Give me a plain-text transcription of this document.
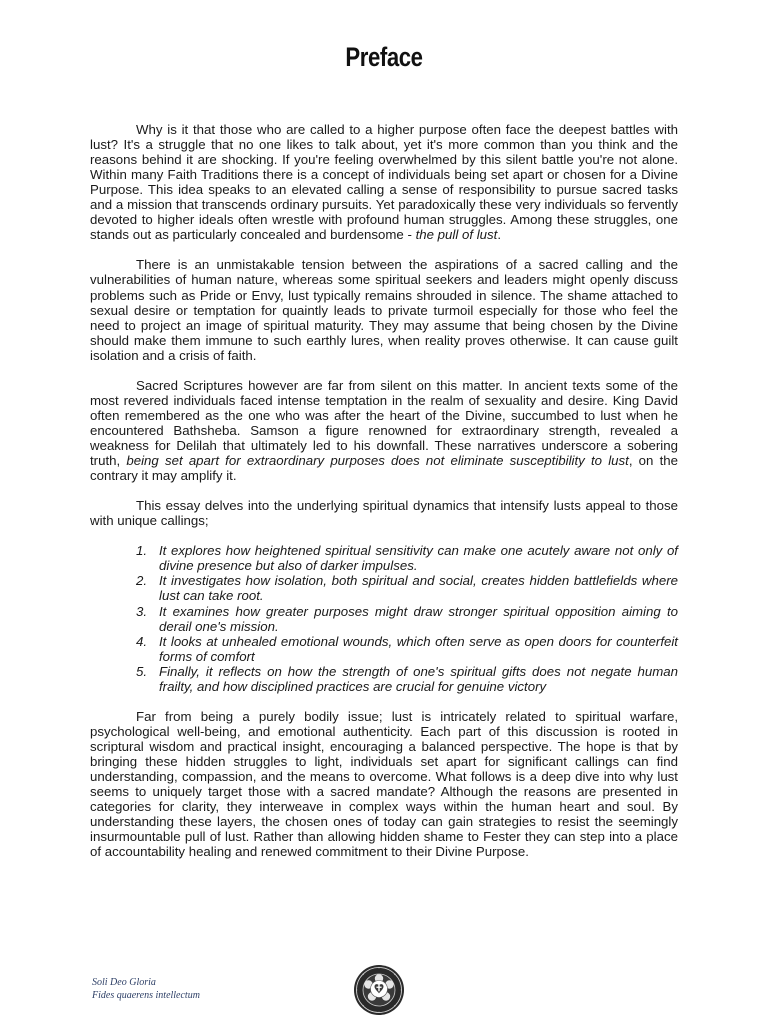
Preface

Why is it that those who are called to a higher purpose often face the deepest battles with lust? It's a struggle that no one likes to talk about, yet it's more common than you think and the reasons behind it are shocking. If you're feeling overwhelmed by this silent battle you're not alone. Within many Faith Traditions there is a concept of individuals being set apart or chosen for a Divine Purpose. This idea speaks to an elevated calling a sense of responsibility to pursue sacred tasks and a mission that transcends ordinary pursuits. Yet paradoxically these very individuals so fervently devoted to higher ideals often wrestle with profound human struggles. Among these struggles, one stands out as particularly concealed and burdensome - the pull of lust.

There is an unmistakable tension between the aspirations of a sacred calling and the vulnerabilities of human nature, whereas some spiritual seekers and leaders might openly discuss problems such as Pride or Envy, lust typically remains shrouded in silence. The shame attached to sexual desire or temptation for quaintly leads to private turmoil especially for those who feel the need to project an image of spiritual maturity. They may assume that being chosen by the Divine should make them immune to such earthly lures, when reality proves otherwise. It can cause guilt isolation and a crisis of faith.

Sacred Scriptures however are far from silent on this matter. In ancient texts some of the most revered individuals faced intense temptation in the realm of sexuality and desire. King David often remembered as the one who was after the heart of the Divine, succumbed to lust when he encountered Bathsheba. Samson a figure renowned for extraordinary strength, revealed a weakness for Delilah that ultimately led to his downfall. These narratives underscore a sobering truth, being set apart for extraordinary purposes does not eliminate susceptibility to lust, on the contrary it may amplify it.

This essay delves into the underlying spiritual dynamics that intensify lusts appeal to those with unique callings;

1. It explores how heightened spiritual sensitivity can make one acutely aware not only of divine presence but also of darker impulses.
2. It investigates how isolation, both spiritual and social, creates hidden battlefields where lust can take root.
3. It examines how greater purposes might draw stronger spiritual opposition aiming to derail one's mission.
4. It looks at unhealed emotional wounds, which often serve as open doors for counterfeit forms of comfort
5. Finally, it reflects on how the strength of one's spiritual gifts does not negate human frailty, and how disciplined practices are crucial for genuine victory

Far from being a purely bodily issue; lust is intricately related to spiritual warfare, psychological well-being, and emotional authenticity. Each part of this discussion is rooted in scriptural wisdom and practical insight, encouraging a balanced perspective. The hope is that by bringing these hidden struggles to light, individuals set apart for significant callings can find understanding, compassion, and the means to overcome. What follows is a deep dive into why lust seems to uniquely target those with a sacred mandate? Although the reasons are presented in categories for clarity, they interweave in complex ways within the human heart and soul. By understanding these layers, the chosen ones of today can gain strategies to resist the seemingly insurmountable pull of lust. Rather than allowing hidden shame to Fester they can step into a place of accountability healing and renewed commitment to their Divine Purpose.

Soli Deo Gloria
Fides quaerens intellectum
